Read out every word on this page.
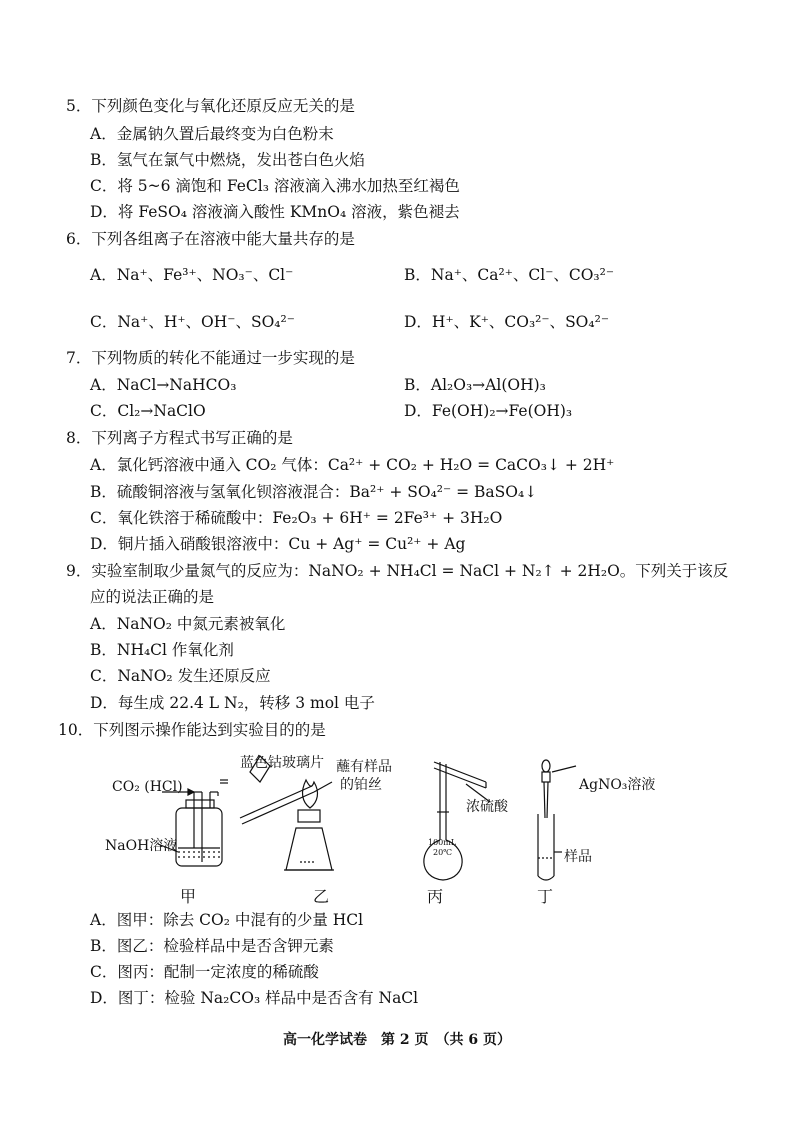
5．下列颜色变化与氧化还原反应无关的是
A．金属钠久置后最终变为白色粉末
B．氢气在氯气中燃烧，发出苍白色火焰
C．将 5~6 滴饱和 FeCl₃ 溶液滴入沸水加热至红褐色
D．将 FeSO₄ 溶液滴入酸性 KMnO₄ 溶液，紫色褪去
6．下列各组离子在溶液中能大量共存的是
A．Na⁺、Fe³⁺、NO₃⁻、Cl⁻	B．Na⁺、Ca²⁺、Cl⁻、CO₃²⁻
C．Na⁺、H⁺、OH⁻、SO₄²⁻	D．H⁺、K⁺、CO₃²⁻、SO₄²⁻
7．下列物质的转化不能通过一步实现的是
A．NaCl→NaHCO₃	B．Al₂O₃→Al(OH)₃
C．Cl₂→NaClO	D．Fe(OH)₂→Fe(OH)₃
8．下列离子方程式书写正确的是
A．氯化钙溶液中通入 CO₂ 气体：Ca²⁺ + CO₂ + H₂O = CaCO₃↓ + 2H⁺
B．硫酸铜溶液与氢氧化钡溶液混合：Ba²⁺ + SO₄²⁻ = BaSO₄↓
C．氧化铁溶于稀硫酸中：Fe₂O₃ + 6H⁺ = 2Fe³⁺ + 3H₂O
D．铜片插入硝酸银溶液中：Cu + Ag⁺ = Cu²⁺ + Ag
9．实验室制取少量氮气的反应为：NaNO₂ + NH₄Cl = NaCl + N₂↑ + 2H₂O。下列关于该反
应的说法正确的是
A．NaNO₂ 中氮元素被氧化
B．NH₄Cl 作氧化剂
C．NaNO₂ 发生还原反应
D．每生成 22.4 L N₂，转移 3 mol 电子
10．下列图示操作能达到实验目的的是
CO₂ (HCl)
NaOH溶液
蓝色钴玻璃片 蘸有样品
的铂丝
浓硫酸
100mL
20℃
AgNO₃溶液
样品
甲	乙	丙	丁
A．图甲：除去 CO₂ 中混有的少量 HCl
B．图乙：检验样品中是否含钾元素
C．图丙：配制一定浓度的稀硫酸
D．图丁：检验 Na₂CO₃ 样品中是否含有 NaCl
高一化学试卷　第 2 页　（共 6 页）
